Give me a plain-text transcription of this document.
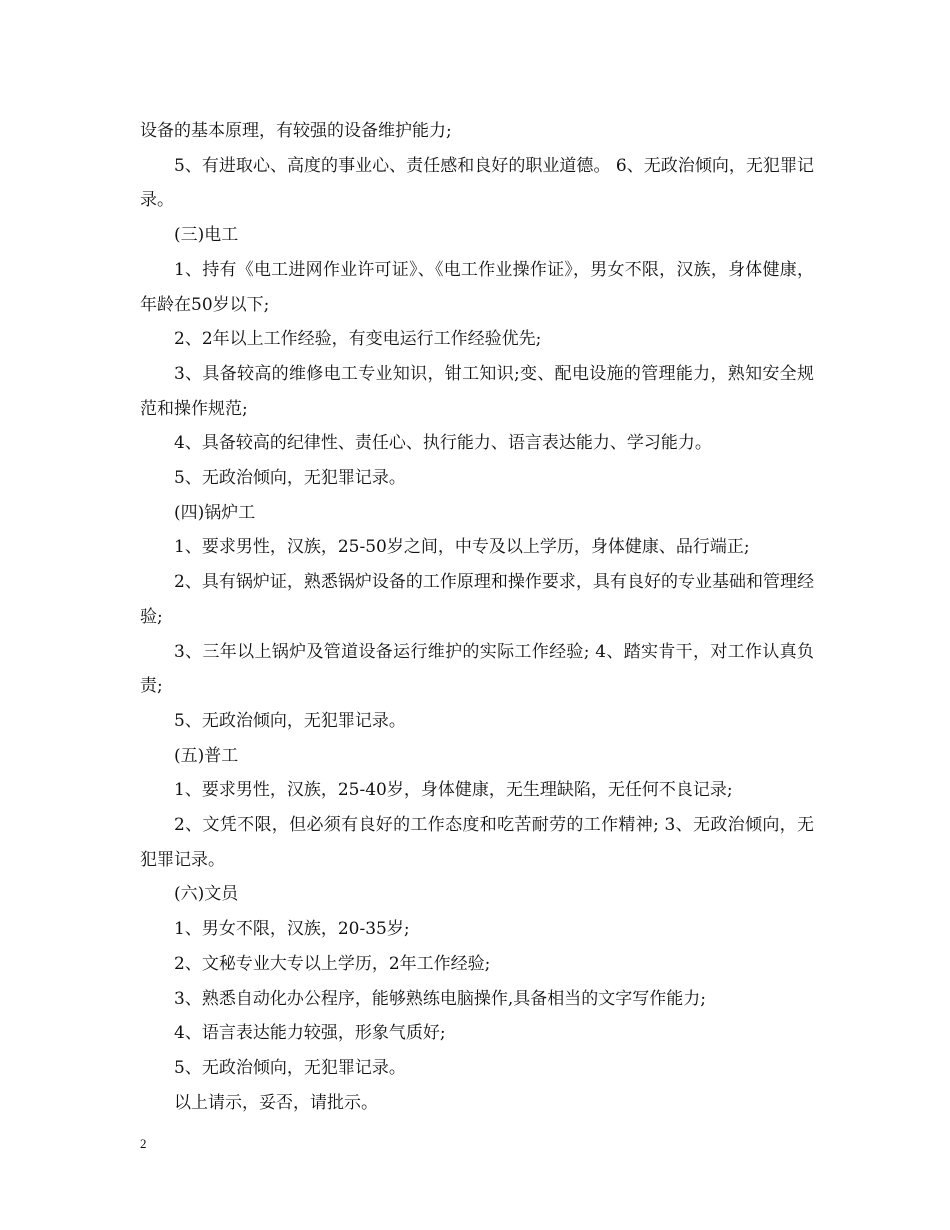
设备的基本原理，有较强的设备维护能力;

5、有进取心、高度的事业心、责任感和良好的职业道德。 6、无政治倾向，无犯罪记录。

(三)电工

1、持有《电工进网作业许可证》、《电工作业操作证》，男女不限，汉族，身体健康，年龄在50岁以下;

2、2年以上工作经验，有变电运行工作经验优先;

3、具备较高的维修电工专业知识，钳工知识;变、配电设施的管理能力，熟知安全规范和操作规范;

4、具备较高的纪律性、责任心、执行能力、语言表达能力、学习能力。

5、无政治倾向，无犯罪记录。

(四)锅炉工

1、要求男性，汉族，25-50岁之间，中专及以上学历，身体健康、品行端正;

2、具有锅炉证，熟悉锅炉设备的工作原理和操作要求，具有良好的专业基础和管理经验;

3、三年以上锅炉及管道设备运行维护的实际工作经验; 4、踏实肯干，对工作认真负责;

5、无政治倾向，无犯罪记录。

(五)普工

1、要求男性，汉族，25-40岁，身体健康，无生理缺陷，无任何不良记录;

2、文凭不限，但必须有良好的工作态度和吃苦耐劳的工作精神; 3、无政治倾向，无犯罪记录。

(六)文员

1、男女不限，汉族，20-35岁;

2、文秘专业大专以上学历，2年工作经验;

3、熟悉自动化办公程序，能够熟练电脑操作,具备相当的文字写作能力;

4、语言表达能力较强，形象气质好;

5、无政治倾向，无犯罪记录。

以上请示，妥否，请批示。

2
